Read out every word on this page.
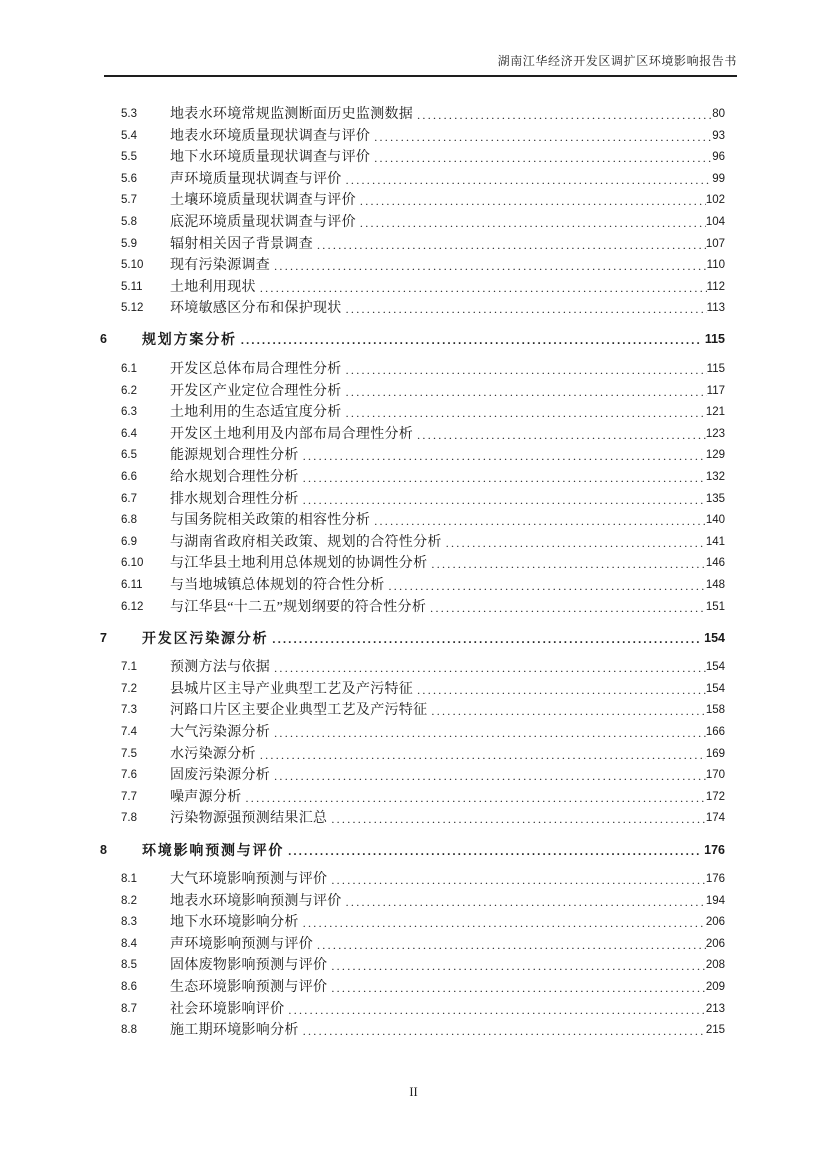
湖南江华经济开发区调扩区环境影响报告书
5.3	地表水环境常规监测断面历史监测数据 .....	80
5.4	地表水环境质量现状调查与评价 .....	93
5.5	地下水环境质量现状调查与评价 .....	96
5.6	声环境质量现状调查与评价 .....	99
5.7	土壤环境质量现状调查与评价 .....	102
5.8	底泥环境质量现状调查与评价 .....	104
5.9	辐射相关因子背景调查 .....	107
5.10	现有污染源调查 .....	110
5.11	土地利用现状 .....	112
5.12	环境敏感区分布和保护现状 .....	113
6	规划方案分析 .....	115
6.1	开发区总体布局合理性分析 .....	115
6.2	开发区产业定位合理性分析 .....	117
6.3	土地利用的生态适宜度分析 .....	121
6.4	开发区土地利用及内部布局合理性分析 .....	123
6.5	能源规划合理性分析 .....	129
6.6	给水规划合理性分析 .....	132
6.7	排水规划合理性分析 .....	135
6.8	与国务院相关政策的相容性分析 .....	140
6.9	与湖南省政府相关政策、规划的合符性分析 .....	141
6.10	与江华县土地利用总体规划的协调性分析 .....	146
6.11	与当地城镇总体规划的符合性分析 .....	148
6.12	与江华县“十二五”规划纲要的符合性分析 .....	151
7	开发区污染源分析 .....	154
7.1	预测方法与依据 .....	154
7.2	县城片区主导产业典型工艺及产污特征 .....	154
7.3	河路口片区主要企业典型工艺及产污特征 .....	158
7.4	大气污染源分析 .....	166
7.5	水污染源分析 .....	169
7.6	固废污染源分析 .....	170
7.7	噪声源分析 .....	172
7.8	污染物源强预测结果汇总 .....	174
8	环境影响预测与评价 .....	176
8.1	大气环境影响预测与评价 .....	176
8.2	地表水环境影响预测与评价 .....	194
8.3	地下水环境影响分析 .....	206
8.4	声环境影响预测与评价 .....	206
8.5	固体废物影响预测与评价 .....	208
8.6	生态环境影响预测与评价 .....	209
8.7	社会环境影响评价 .....	213
8.8	施工期环境影响分析 .....	215
II
